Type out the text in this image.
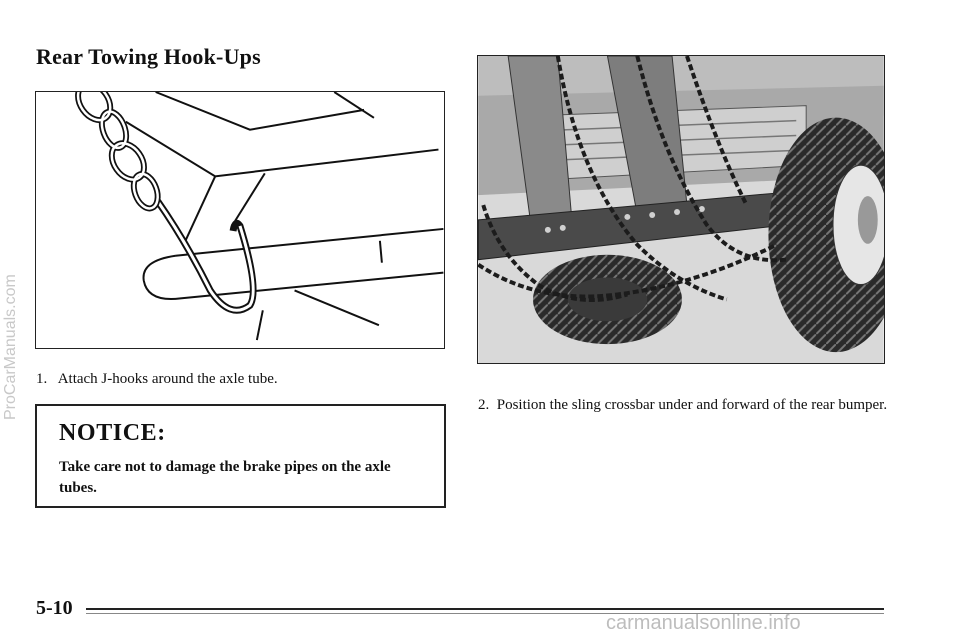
Rear Towing Hook-Ups
1. Attach J-hooks around the axle tube.
NOTICE:
Take care not to damage the brake pipes on the axle tubes.
2. Position the sling crossbar under and forward of the rear bumper.
ProCarManuals.com
5-10
carmanualsonline.info
